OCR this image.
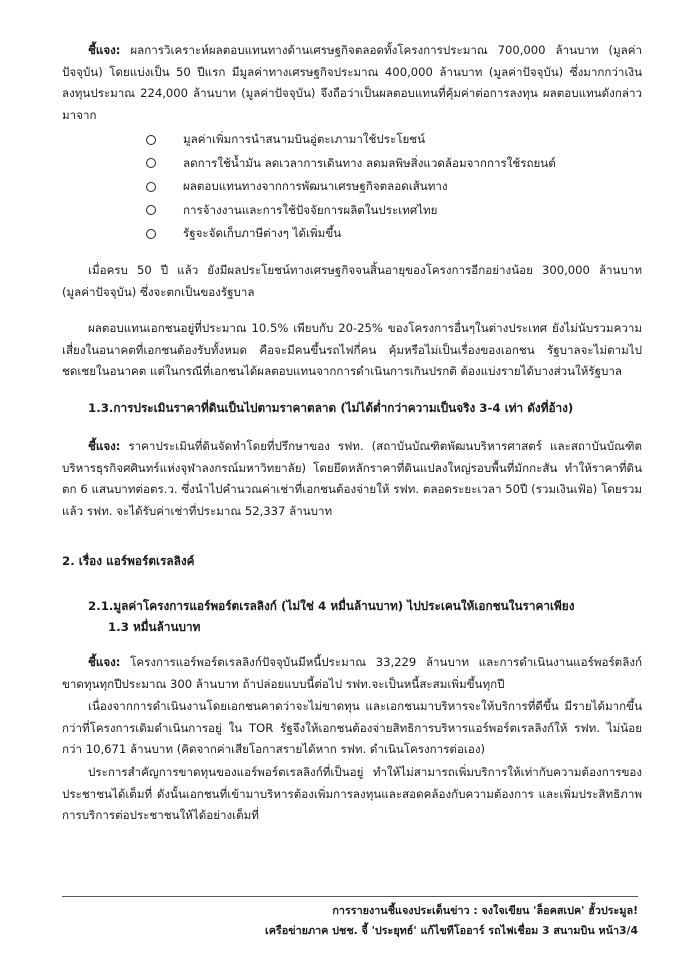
ชี้แจง: ผลการวิเคราะห์ผลตอบแทนทางด้านเศรษฐกิจตลอดทั้งโครงการประมาณ 700,000 ล้านบาท (มูลค่าปัจจุบัน) โดยแบ่งเป็น 50 ปีแรก มีมูลค่าทางเศรษฐกิจประมาณ 400,000 ล้านบาท (มูลค่าปัจจุบัน) ซึ่งมากกว่าเงินลงทุนประมาณ 224,000 ล้านบาท (มูลค่าปัจจุบัน) จึงถือว่าเป็นผลตอบแทนที่คุ้มค่าต่อการลงทุน ผลตอบแทนดังกล่าวมาจาก

มูลค่าเพิ่มการนำสนามบินอู่ตะเภามาใช้ประโยชน์
ลดการใช้น้ำมัน ลดเวลาการเดินทาง ลดมลพิษสิ่งแวดล้อมจากการใช้รถยนต์
ผลตอบแทนทางจากการพัฒนาเศรษฐกิจตลอดเส้นทาง
การจ้างงานและการใช้ปัจจัยการผลิตในประเทศไทย
รัฐจะจัดเก็บภาษีต่างๆ ได้เพิ่มขึ้น

เมื่อครบ 50 ปี แล้ว ยังมีผลประโยชน์ทางเศรษฐกิจจนสิ้นอายุของโครงการอีกอย่างน้อย 300,000 ล้านบาท (มูลค่าปัจจุบัน) ซึ่งจะตกเป็นของรัฐบาล

ผลตอบแทนเอกชนอยู่ที่ประมาณ 10.5% เพียบกับ 20-25% ของโครงการอื่นๆในต่างประเทศ ยังไม่นับรวมความเสี่ยงในอนาคตที่เอกชนต้องรับทั้งหมด คือจะมีคนขึ้นรถไฟกี่คน คุ้มหรือไม่เป็นเรื่องของเอกชน รัฐบาลจะไม่ตามไปชดเชยในอนาคต แต่ในกรณีที่เอกชนได้ผลตอบแทนจากการดำเนินการเกินปรกติ ต้องแบ่งรายได้บางส่วนให้รัฐบาล

1.3.การประเมินราคาที่ดินเป็นไปตามราคาตลาด (ไม่ได้ต่ำกว่าความเป็นจริง 3-4 เท่า ดังที่อ้าง)

ชี้แจง: ราคาประเมินที่ดินจัดทำโดยที่ปรึกษาของ รฟท. (สถาบันบัณฑิตพัฒนบริหารศาสตร์ และสถาบันบัณฑิตบริหารธุรกิจศศินทร์แห่งจุฬาลงกรณ์มหาวิทยาลัย) โดยยึดหลักราคาที่ดินแปลงใหญ่รอบพื้นที่มักกะสัน ทำให้ราคาที่ดินตก 6 แสนบาทต่อตร.ว. ซึ่งนำไปคำนวณค่าเช่าที่เอกชนต้องจ่ายให้ รฟท. ตลอดระยะเวลา 50ปี (รวมเงินเฟ้อ) โดยรวมแล้ว รฟท. จะได้รับค่าเช่าที่ประมาณ 52,337 ล้านบาท

2. เรื่อง แอร์พอร์ตเรลลิงค์

2.1.มูลค่าโครงการแอร์พอร์ตเรลลิงก์ (ไม่ใช่ 4 หมื่นล้านบาท) ไปประเคนให้เอกชนในราคาเพียง
1.3 หมื่นล้านบาท

ชี้แจง: โครงการแอร์พอร์ตเรลลิงก์ปัจจุบันมีหนี้ประมาณ 33,229 ล้านบาท และการดำเนินงานแอร์พอร์ตลิงก์ขาดทุนทุกปีประมาณ 300 ล้านบาท ถ้าปล่อยแบบนี้ต่อไป รฟท.จะเป็นหนี้สะสมเพิ่มขึ้นทุกปี

เนื่องจากการดำเนินงานโดยเอกชนคาดว่าจะไม่ขาดทุน และเอกชนมาบริหารจะให้บริการที่ดีขึ้น มีรายได้มากขึ้นกว่าที่โครงการเดิมดำเนินการอยู่ ใน TOR รัฐจึงให้เอกชนต้องจ่ายสิทธิการบริหารแอร์พอร์ตเรลลิงก์ให้ รฟท. ไม่น้อยกว่า 10,671 ล้านบาท (คิดจากค่าเสียโอกาสรายได้หาก รฟท. ดำเนินโครงการต่อเอง)

ประการสำคัญการขาดทุนของแอร์พอร์ตเรลลิงก์ที่เป็นอยู่ ทำให้ไม่สามารถเพิ่มบริการให้เท่ากับความต้องการของประชาชนได้เต็มที่ ดังนั้นเอกชนที่เข้ามาบริหารต้องเพิ่มการลงทุนและสอดคล้องกับความต้องการ และเพิ่มประสิทธิภาพการบริการต่อประชาชนให้ได้อย่างเต็มที่

การรายงานชี้แจงประเด็นข่าว : จงใจเขียน 'ล็อคสเปค' ฮั้วประมูล!

เครือข่ายภาค ปชช. จี้ 'ประยุทธ์' แก้ไขทีโออาร์ รถไฟเชื่อม 3 สนามบิน หน้า3/4
